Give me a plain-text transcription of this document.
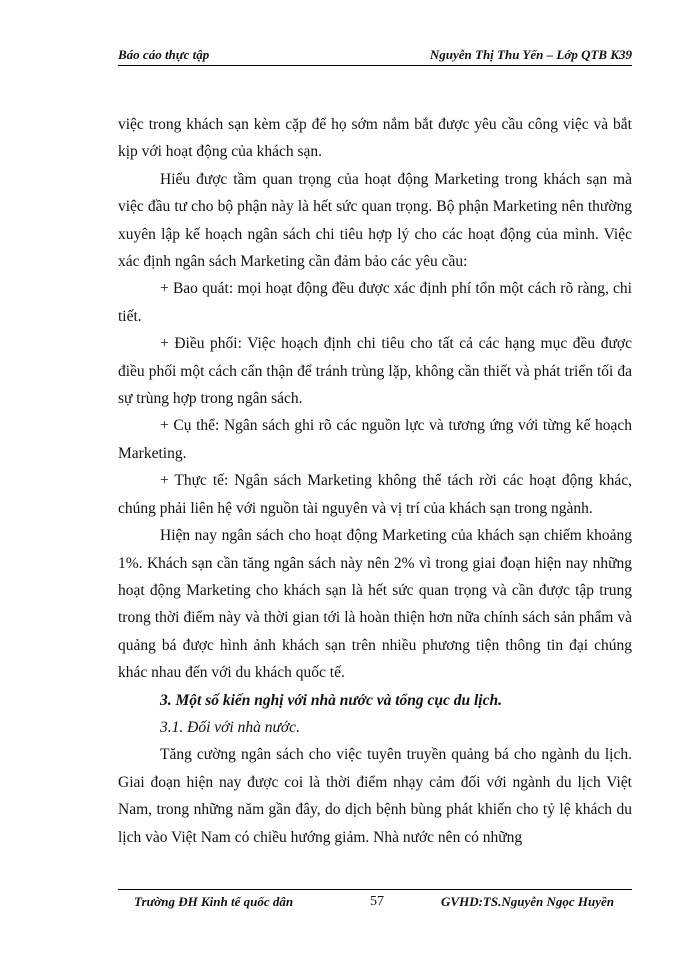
Báo cáo thực tập	Nguyễn Thị Thu Yến – Lớp QTB K39

việc trong khách sạn kèm cặp để họ sớm nắm bắt được yêu cầu công việc và bắt kịp với hoạt động của khách sạn.

Hiểu được tầm quan trọng của hoạt động Marketing trong khách sạn mà việc đầu tư cho bộ phận này là hết sức quan trọng. Bộ phận Marketing nên thường xuyên lập kế hoạch ngân sách chi tiêu hợp lý cho các hoạt động của mình. Việc xác định ngân sách Marketing cần đảm bảo các yêu cầu:

+ Bao quát: mọi hoạt động đều được xác định phí tổn một cách rõ ràng, chi tiết.

+ Điều phối: Việc hoạch định chi tiêu cho tất cả các hạng mục đều được điều phối một cách cẩn thận để tránh trùng lặp, không cần thiết và phát triển tối đa sự trùng hợp trong ngân sách.

+ Cụ thể: Ngân sách ghi rõ các nguồn lực và tương ứng với từng kế hoạch Marketing.

+ Thực tế: Ngân sách Marketing không thể tách rời các hoạt động khác, chúng phải liên hệ với nguồn tài nguyên và vị trí của khách sạn trong ngành.

Hiện nay ngân sách cho hoạt động Marketing của khách sạn chiếm khoảng 1%. Khách sạn cần tăng ngân sách này nên 2% vì trong giai đoạn hiện nay những hoạt động Marketing cho khách sạn là hết sức quan trọng và cần được tập trung trong thời điểm này và thời gian tới là hoàn thiện hơn nữa chính sách sản phẩm và quảng bá được hình ảnh khách sạn trên nhiều phương tiện thông tin đại chúng khác nhau đến với du khách quốc tế.

3. Một số kiến nghị với nhà nước và tổng cục du lịch.

3.1. Đối với nhà nước.

Tăng cường ngân sách cho việc tuyên truyền quảng bá cho ngành du lịch. Giai đoạn hiện nay được coi là thời điểm nhạy cảm đối với ngành du lịch Việt Nam, trong những năm gần đây, do dịch bệnh bùng phát khiến cho tỷ lệ khách du lịch vào Việt Nam có chiều hướng giảm. Nhà nước nên có những

Trường ĐH Kinh tế quốc dân	57	GVHD:TS.Nguyễn Ngọc Huyền
